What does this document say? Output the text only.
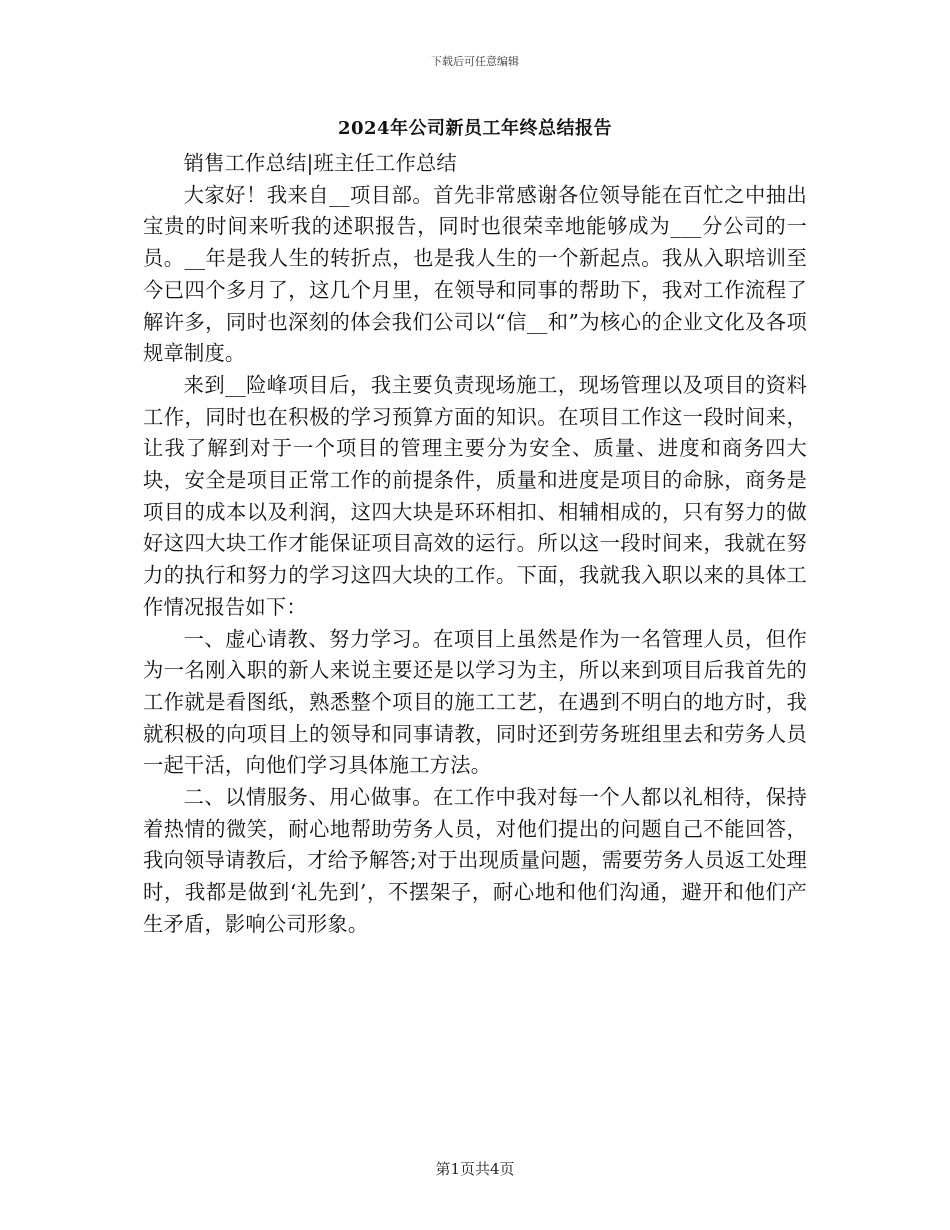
下载后可任意编辑
2024年公司新员工年终总结报告

销售工作总结|班主任工作总结

大家好！我来自__项目部。首先非常感谢各位领导能在百忙之中抽出宝贵的时间来听我的述职报告，同时也很荣幸地能够成为___分公司的一员。__年是我人生的转折点，也是我人生的一个新起点。我从入职培训至今已四个多月了，这几个月里，在领导和同事的帮助下，我对工作流程了解许多，同时也深刻的体会我们公司以“信__和”为核心的企业文化及各项规章制度。

来到__险峰项目后，我主要负责现场施工，现场管理以及项目的资料工作，同时也在积极的学习预算方面的知识。在项目工作这一段时间来，让我了解到对于一个项目的管理主要分为安全、质量、进度和商务四大块，安全是项目正常工作的前提条件，质量和进度是项目的命脉，商务是项目的成本以及利润，这四大块是环环相扣、相辅相成的，只有努力的做好这四大块工作才能保证项目高效的运行。所以这一段时间来，我就在努力的执行和努力的学习这四大块的工作。下面，我就我入职以来的具体工作情况报告如下：

一、虚心请教、努力学习。在项目上虽然是作为一名管理人员，但作为一名刚入职的新人来说主要还是以学习为主，所以来到项目后我首先的工作就是看图纸，熟悉整个项目的施工工艺，在遇到不明白的地方时，我就积极的向项目上的领导和同事请教，同时还到劳务班组里去和劳务人员一起干活，向他们学习具体施工方法。

二、以情服务、用心做事。在工作中我对每一个人都以礼相待，保持着热情的微笑，耐心地帮助劳务人员，对他们提出的问题自己不能回答，我向领导请教后，才给予解答;对于出现质量问题，需要劳务人员返工处理时，我都是做到‘礼先到’，不摆架子，耐心地和他们沟通，避开和他们产生矛盾，影响公司形象。

第1页共4页
